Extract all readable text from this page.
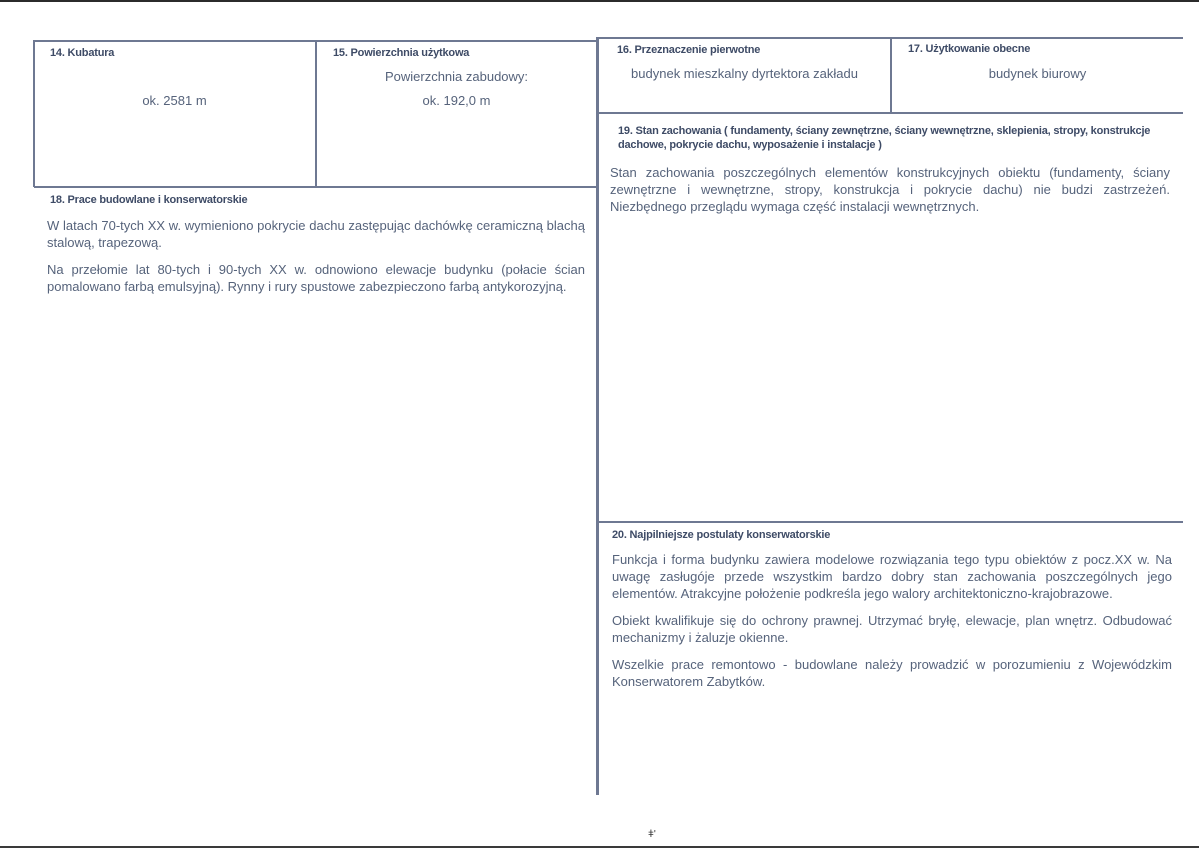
14. Kubatura
ok. 2581 m
15. Powierzchnia użytkowa
Powierzchnia zabudowy:
ok. 192,0 m
16. Przeznaczenie pierwotne
budynek mieszkalny dyrtektora zakładu
17. Użytkowanie obecne
budynek biurowy
18. Prace budowlane i konserwatorskie

W latach 70-tych XX w. wymieniono pokrycie dachu zastępując dachówkę ceramiczną blachą stalową, trapezową.

Na przełomie lat 80-tych i 90-tych XX w. odnowiono elewacje budynku (połacie ścian pomalowano farbą emulsyjną). Rynny i rury spustowe zabezpieczono farbą antykorozyjną.

19. Stan zachowania ( fundamenty, ściany zewnętrzne, ściany wewnętrzne, sklepienia, stropy, konstrukcje dachowe, pokrycie dachu, wyposażenie i instalacje )

Stan zachowania poszczególnych elementów konstrukcyjnych obiektu (fundamenty, ściany zewnętrzne i wewnętrzne, stropy, konstrukcja i pokrycie dachu) nie budzi zastrzeżeń. Niezbędnego przeglądu wymaga część instalacji wewnętrznych.

20. Najpilniejsze postulaty konserwatorskie

Funkcja i forma budynku zawiera modelowe rozwiązania tego typu obiektów z pocz.XX w. Na uwagę zasługóje przede wszystkim bardzo dobry stan zachowania poszczególnych jego elementów. Atrakcyjne położenie podkreśla jego walory architektoniczno-krajobrazowe.

Obiekt kwalifikuje się do ochrony prawnej. Utrzymać bryłę, elewacje, plan wnętrz. Odbudować mechanizmy i żaluzje okienne.

Wszelkie prace remontowo - budowlane należy prowadzić w porozumieniu z Wojewódzkim Konserwatorem Zabytków.

ǂ'
